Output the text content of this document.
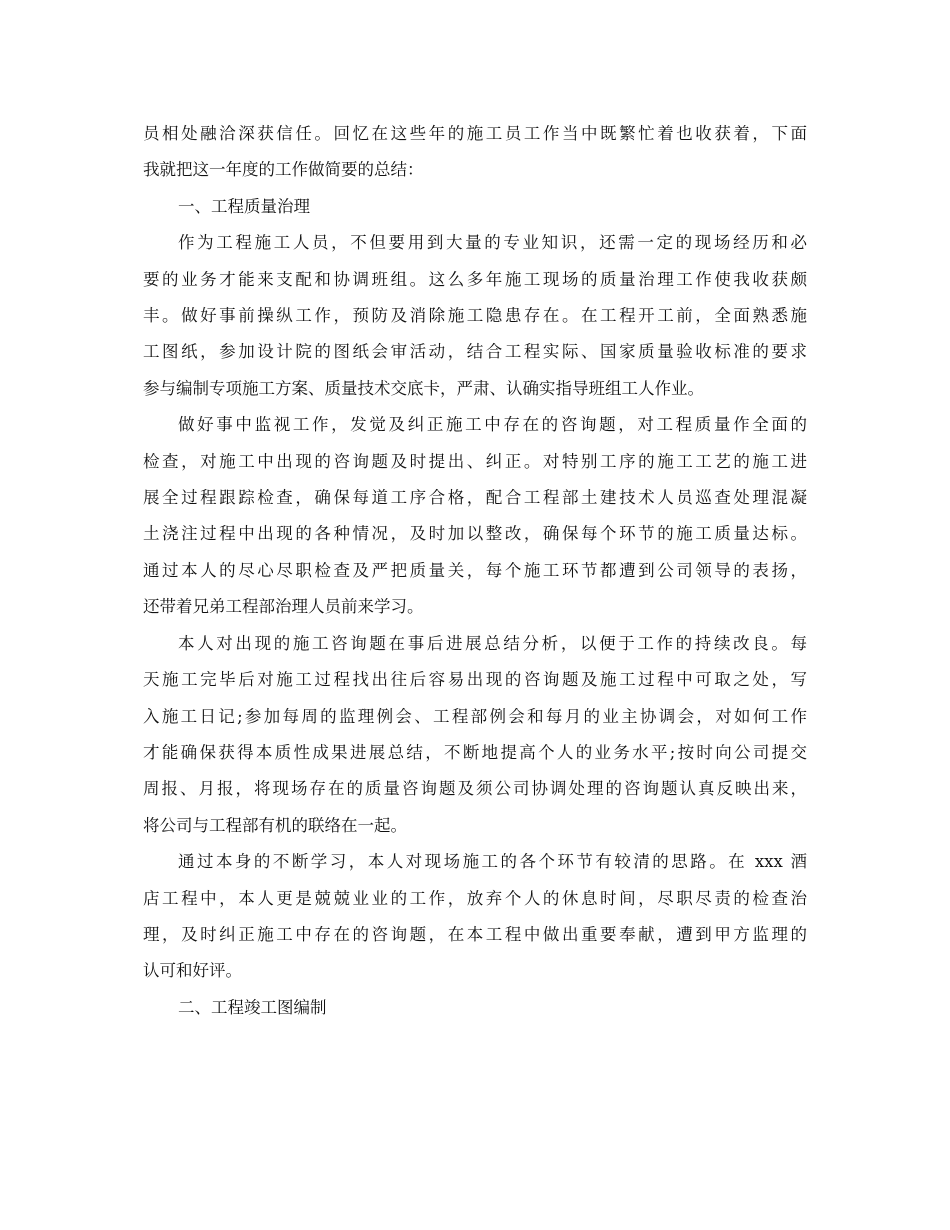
员相处融洽深获信任。回忆在这些年的施工员工作当中既繁忙着也收获着，下面
我就把这一年度的工作做简要的总结：
一、工程质量治理
作为工程施工人员，不但要用到大量的专业知识，还需一定的现场经历和必
要的业务才能来支配和协调班组。这么多年施工现场的质量治理工作使我收获颇
丰。做好事前操纵工作，预防及消除施工隐患存在。在工程开工前，全面熟悉施
工图纸，参加设计院的图纸会审活动，结合工程实际、国家质量验收标准的要求
参与编制专项施工方案、质量技术交底卡，严肃、认确实指导班组工人作业。
做好事中监视工作，发觉及纠正施工中存在的咨询题，对工程质量作全面的
检查，对施工中出现的咨询题及时提出、纠正。对特别工序的施工工艺的施工进
展全过程跟踪检查，确保每道工序合格，配合工程部土建技术人员巡查处理混凝
土浇注过程中出现的各种情况，及时加以整改，确保每个环节的施工质量达标。
通过本人的尽心尽职检查及严把质量关，每个施工环节都遭到公司领导的表扬，
还带着兄弟工程部治理人员前来学习。
本人对出现的施工咨询题在事后进展总结分析，以便于工作的持续改良。每
天施工完毕后对施工过程找出往后容易出现的咨询题及施工过程中可取之处，写
入施工日记;参加每周的监理例会、工程部例会和每月的业主协调会，对如何工作
才能确保获得本质性成果进展总结，不断地提高个人的业务水平;按时向公司提交
周报、月报，将现场存在的质量咨询题及须公司协调处理的咨询题认真反映出来，
将公司与工程部有机的联络在一起。
通过本身的不断学习，本人对现场施工的各个环节有较清的思路。在 xxx 酒
店工程中，本人更是兢兢业业的工作，放弃个人的休息时间，尽职尽责的检查治
理，及时纠正施工中存在的咨询题，在本工程中做出重要奉献，遭到甲方监理的
认可和好评。
二、工程竣工图编制
